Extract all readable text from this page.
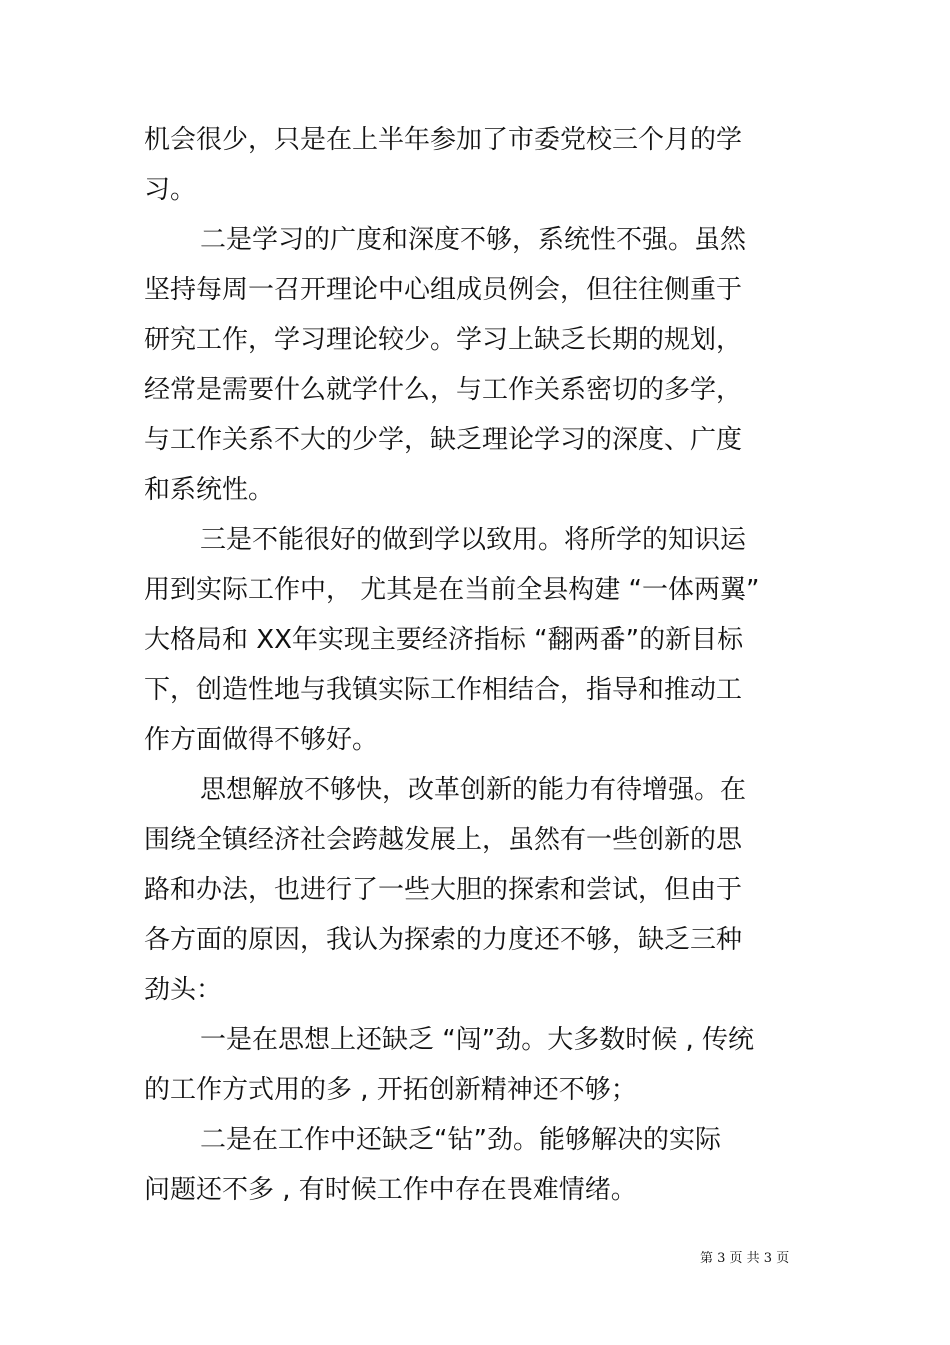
机会很少，只是在上半年参加了市委党校三个月的学
习。
二是学习的广度和深度不够，系统性不强。虽然
坚持每周一召开理论中心组成员例会，但往往侧重于
研究工作，学习理论较少。学习上缺乏长期的规划，
经常是需要什么就学什么，与工作关系密切的多学，
与工作关系不大的少学，缺乏理论学习的深度、广度
和系统性。
三是不能很好的做到学以致用。将所学的知识运
用到实际工作中， 尤其是在当前全县构建 “一体两翼”
大格局和 XX年实现主要经济指标 “翻两番”的新目标
下，创造性地与我镇实际工作相结合，指导和推动工
作方面做得不够好。
思想解放不够快，改革创新的能力有待增强。在
围绕全镇经济社会跨越发展上，虽然有一些创新的思
路和办法，也进行了一些大胆的探索和尝试，但由于
各方面的原因，我认为探索的力度还不够，缺乏三种
劲头：
一是在思想上还缺乏 “闯”劲。大多数时候 , 传统
的工作方式用的多 , 开拓创新精神还不够；
二是在工作中还缺乏“钻”劲。能够解决的实际
问题还不多 , 有时候工作中存在畏难情绪。
第 3 页 共 3 页
